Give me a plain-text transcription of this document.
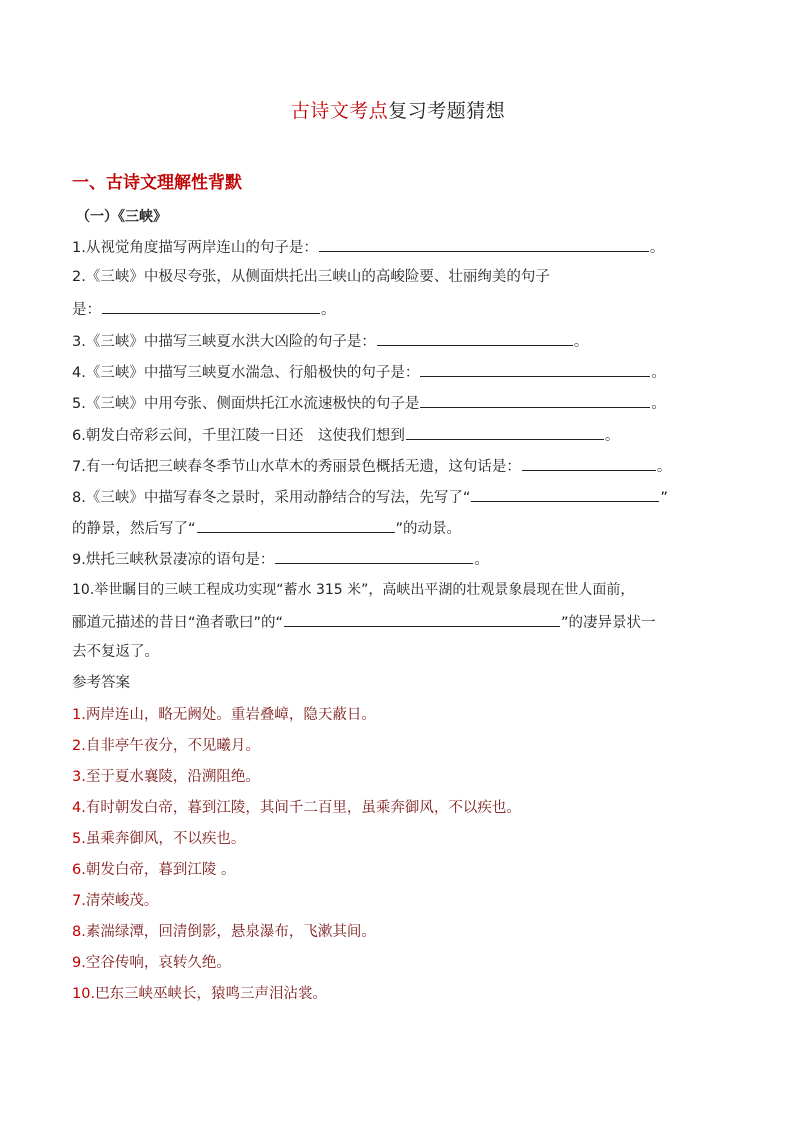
古诗文考点复习考题猜想
一、古诗文理解性背默
（一）《三峡》
1.从视觉角度描写两岸连山的句子是：	。
2.《三峡》中极尽夸张，从侧面烘托出三峡山的高峻险要、壮丽绚美的句子
是：	。
3.《三峡》中描写三峡夏水洪大凶险的句子是：	。
4.《三峡》中描写三峡夏水湍急、行船极快的句子是：	。
5.《三峡》中用夸张、侧面烘托江水流速极快的句子是	。
6.朝发白帝彩云间，千里江陵一日还　这使我们想到	。
7.有一句话把三峡春冬季节山水草木的秀丽景色概括无遗，这句话是：	。
8.《三峡》中描写春冬之景时，采用动静结合的写法，先写了“	”
的静景，然后写了“	”的动景。
9.烘托三峡秋景凄凉的语句是：	。
10.举世瞩目的三峡工程成功实现“蓄水 315 米”，高峡出平湖的壮观景象晨现在世人面前，
郦道元描述的昔日“渔者歌曰”的“	”的凄异景状一
去不复返了。
参考答案
1.两岸连山，略无阙处。重岩叠嶂，隐天蔽日。
2.自非亭午夜分，不见曦月。
3.至于夏水襄陵，沿溯阻绝。
4.有时朝发白帝，暮到江陵，其间千二百里，虽乘奔御风，不以疾也。
5.虽乘奔御风，不以疾也。
6.朝发白帝，暮到江陵 。
7.清荣峻茂。
8.素湍绿潭，回清倒影，悬泉瀑布，飞漱其间。
9.空谷传响，哀转久绝。
10.巴东三峡巫峡长，猿鸣三声泪沾裳。
